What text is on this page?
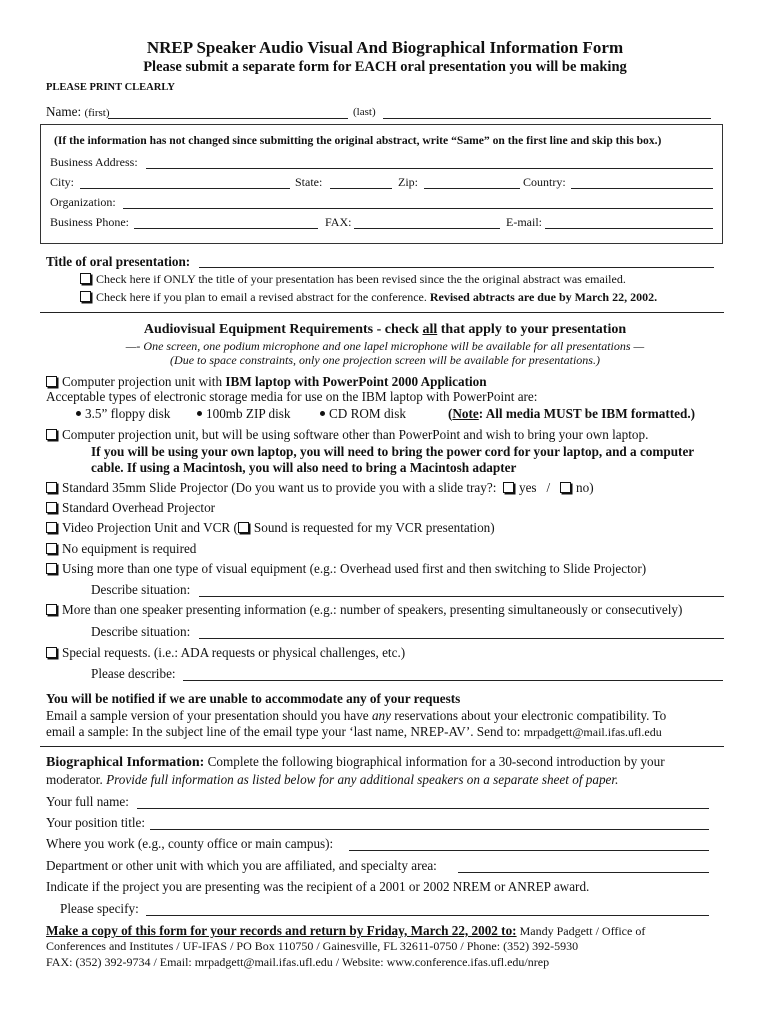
NREP Speaker Audio Visual And Biographical Information Form
Please submit a separate form for EACH oral presentation you will be making
PLEASE PRINT CLEARLY
Name: (first)	(last)
(If the information has not changed since submitting the original abstract, write “Same” on the first line and skip this box.)
Business Address:
City:	State:	Zip:	Country:
Organization:
Business Phone:	FAX:	E-mail:
Title of oral presentation:
Check here if ONLY the title of your presentation has been revised since the the original abstract was emailed.
Check here if you plan to email a revised abstract for the conference. Revised abtracts are due by March 22, 2002.
Audiovisual Equipment Requirements - check all that apply to your presentation
—- One screen, one podium microphone and one lapel microphone will be available for all presentations —
(Due to space constraints, only one projection screen will be available for presentations.)
Computer projection unit with IBM laptop with PowerPoint 2000 Application
Acceptable types of electronic storage media for use on the IBM laptop with PowerPoint are:
3.5” floppy disk	100mb ZIP disk	CD ROM disk	(Note: All media MUST be IBM formatted.)
Computer projection unit, but will be using software other than PowerPoint and wish to bring your own laptop.
If you will be using your own laptop, you will need to bring the power cord for your laptop, and a computer
cable. If using a Macintosh, you will also need to bring a Macintosh adapter
Standard 35mm Slide Projector (Do you want us to provide you with a slide tray?: yes / no)
Standard Overhead Projector
Video Projection Unit and VCR ( Sound is requested for my VCR presentation)
No equipment is required
Using more than one type of visual equipment (e.g.: Overhead used first and then switching to Slide Projector)
Describe situation:
More than one speaker presenting information (e.g.: number of speakers, presenting simultaneously or consecutively)
Describe situation:
Special requests. (i.e.: ADA requests or physical challenges, etc.)
Please describe:
You will be notified if we are unable to accommodate any of your requests
Email a sample version of your presentation should you have any reservations about your electronic compatibility. To
email a sample: In the subject line of the email type your ‘last name, NREP-AV’. Send to: mrpadgett@mail.ifas.ufl.edu
Biographical Information: Complete the following biographical information for a 30-second introduction by your
moderator. Provide full information as listed below for any additional speakers on a separate sheet of paper.
Your full name:
Your position title:
Where you work (e.g., county office or main campus):
Department or other unit with which you are affiliated, and specialty area:
Indicate if the project you are presenting was the recipient of a 2001 or 2002 NREM or ANREP award.
Please specify:
Make a copy of this form for your records and return by Friday, March 22, 2002 to: Mandy Padgett / Office of
Conferences and Institutes / UF-IFAS / PO Box 110750 / Gainesville, FL 32611-0750 / Phone: (352) 392-5930
FAX: (352) 392-9734 / Email: mrpadgett@mail.ifas.ufl.edu / Website: www.conference.ifas.ufl.edu/nrep
